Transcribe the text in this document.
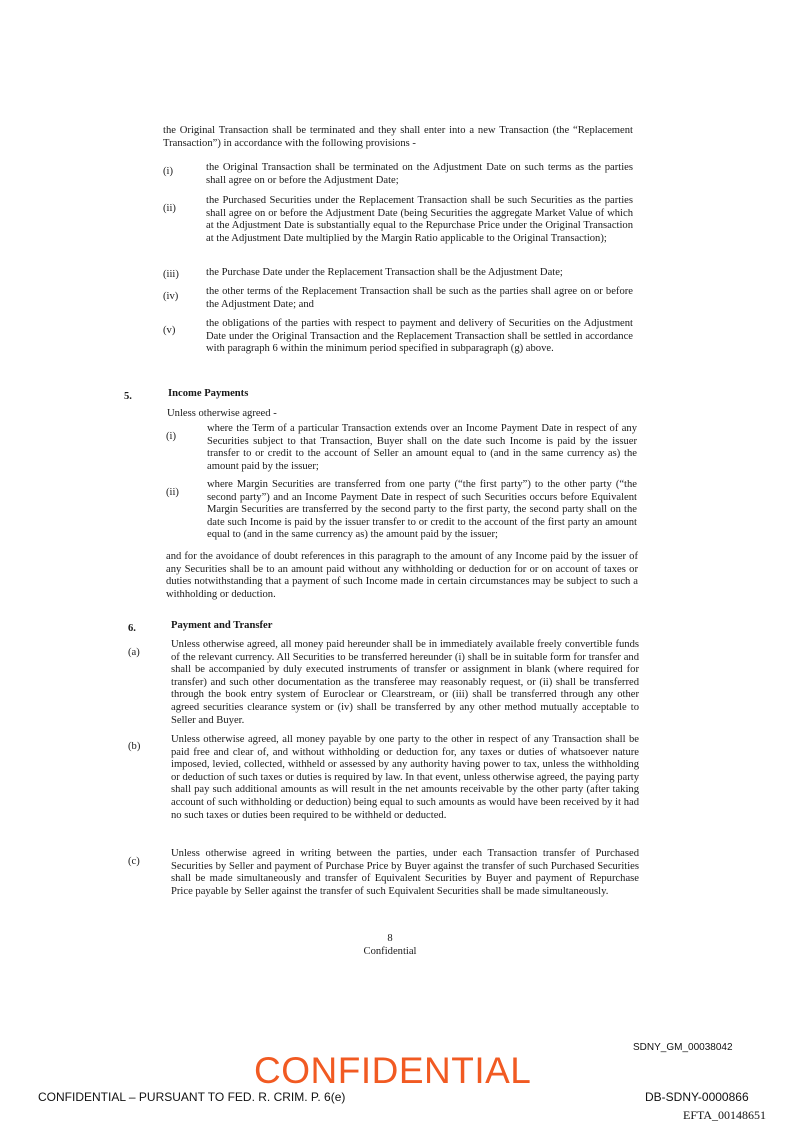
the Original Transaction shall be terminated and they shall enter into a new Transaction (the “Replacement Transaction”) in accordance with the following provisions -

(i)	the Original Transaction shall be terminated on the Adjustment Date on such terms as the parties shall agree on or before the Adjustment Date;

(ii)

the Purchased Securities under the Replacement Transaction shall be such Securities as the parties shall agree on or before the Adjustment Date (being Securities the aggregate Market Value of which at the Adjustment Date is substantially equal to the Repurchase Price under the Original Transaction at the Adjustment Date multiplied by the Margin Ratio applicable to the Original Transaction);

(iii)	the Purchase Date under the Replacement Transaction shall be the Adjustment Date;

(iv)	the other terms of the Replacement Transaction shall be such as the parties shall agree on or before the Adjustment Date; and

(v)

the obligations of the parties with respect to payment and delivery of Securities on the Adjustment Date under the Original Transaction and the Replacement Transaction shall be settled in accordance with paragraph 6 within the minimum period specified in subparagraph (g) above.

5.	Income Payments

Unless otherwise agreed -

(i)

where the Term of a particular Transaction extends over an Income Payment Date in respect of any Securities subject to that Transaction, Buyer shall on the date such Income is paid by the issuer transfer to or credit to the account of Seller an amount equal to (and in the same currency as) the amount paid by the issuer;

(ii)

where Margin Securities are transferred from one party (“the first party”) to the other party (“the second party”) and an Income Payment Date in respect of such Securities occurs before Equivalent Margin Securities are transferred by the second party to the first party, the second party shall on the date such Income is paid by the issuer transfer to or credit to the account of the first party an amount equal to (and in the same currency as) the amount paid by the issuer;

and for the avoidance of doubt references in this paragraph to the amount of any Income paid by the issuer of any Securities shall be to an amount paid without any withholding or deduction for or on account of taxes or duties notwithstanding that a payment of such Income made in certain circumstances may be subject to such a withholding or deduction.

6.	Payment and Transfer
(a)

Unless otherwise agreed, all money paid hereunder shall be in immediately available freely convertible funds of the relevant currency. All Securities to be transferred hereunder (i) shall be in suitable form for transfer and shall be accompanied by duly executed instruments of transfer or assignment in blank (where required for transfer) and such other documentation as the transferee may reasonably request, or (ii) shall be transferred through the book entry system of Euroclear or Clearstream, or (iii) shall be transferred through any other agreed securities clearance system or (iv) shall be transferred by any other method mutually acceptable to Seller and Buyer.

(b)

Unless otherwise agreed, all money payable by one party to the other in respect of any Transaction shall be paid free and clear of, and without withholding or deduction for, any taxes or duties of whatsoever nature imposed, levied, collected, withheld or assessed by any authority having power to tax, unless the withholding or deduction of such taxes or duties is required by law. In that event, unless otherwise agreed, the paying party shall pay such additional amounts as will result in the net amounts receivable by the other party (after taking account of such withholding or deduction) being equal to such amounts as would have been received by it had no such taxes or duties been required to be withheld or deducted.

(c)

Unless otherwise agreed in writing between the parties, under each Transaction transfer of Purchased Securities by Seller and payment of Purchase Price by Buyer against the transfer of such Purchased Securities shall be made simultaneously and transfer of Equivalent Securities by Buyer and payment of Repurchase Price payable by Seller against the transfer of such Equivalent Securities shall be made simultaneously.

8

Confidential

SDNY_GM_00038042
CONFIDENTIAL
CONFIDENTIAL – PURSUANT TO FED. R. CRIM. P. 6(e)	DB-SDNY-0000866
EFTA_00148651
